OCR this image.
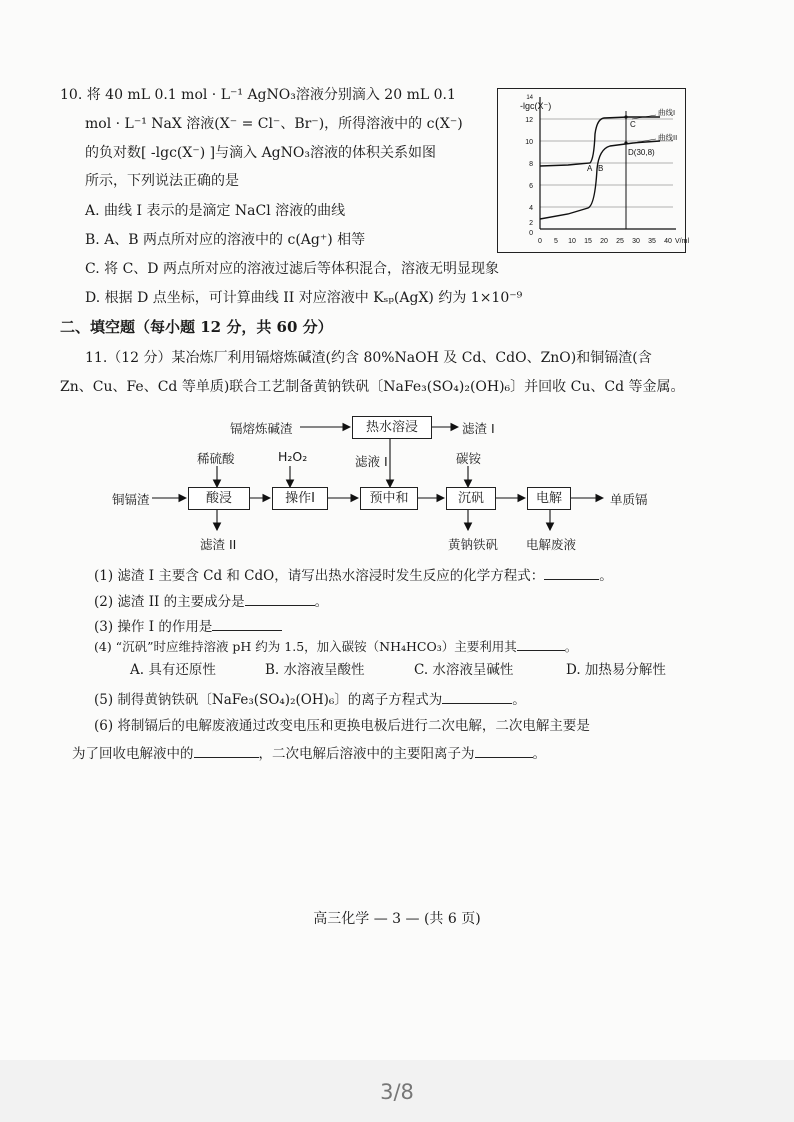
10. 将 40 mL 0.1 mol · L⁻¹ AgNO₃溶液分别滴入 20 mL 0.1
mol · L⁻¹ NaX 溶液(X⁻ = Cl⁻、Br⁻)，所得溶液中的 c(X⁻)
的负对数[ -lgc(X⁻) ]与滴入 AgNO₃溶液的体积关系如图
所示，下列说法正确的是
A. 曲线 I 表示的是滴定 NaCl 溶液的曲线
B. A、B 两点所对应的溶液中的 c(Ag⁺) 相等
C. 将 C、D 两点所对应的溶液过滤后等体积混合，溶液无明显现象
D. 根据 D 点坐标，可计算曲线 II 对应溶液中 Kₛₚ(AgX) 约为 1×10⁻⁹
14
-lgc(X⁻)
12
10
8
6
4
2
0
0 5 10 15 20 25 30 35 40 V/ml
曲线I
曲线II
C
D(30,8)
A B
二、填空题（每小题 12 分，共 60 分）
11.（12 分）某冶炼厂利用镉熔炼碱渣(约含 80%NaOH 及 Cd、CdO、ZnO)和铜镉渣(含
Zn、Cu、Fe、Cd 等单质)联合工艺制备黄钠铁矾〔NaFe₃(SO₄)₂(OH)₆〕并回收 Cu、Cd 等金属。
镉熔炼碱渣	热水溶浸	滤渣 I
稀硫酸	H₂O₂	滤液 I	碳铵
铜镉渣	酸浸	操作I	预中和	沉矾	电解	单质镉
滤渣 II	黄钠铁矾 电解废液
(1) 滤渣 I 主要含 Cd 和 CdO，请写出热水溶浸时发生反应的化学方程式：	。
(2) 滤渣 II 的主要成分是	。
(3) 操作 I 的作用是
(4) “沉矾”时应维持溶液 pH 约为 1.5，加入碳铵（NH₄HCO₃）主要利用其	。
A. 具有还原性	B. 水溶液呈酸性	C. 水溶液呈碱性	D. 加热易分解性
(5) 制得黄钠铁矾〔NaFe₃(SO₄)₂(OH)₆〕的离子方程式为	。
(6) 将制镉后的电解废液通过改变电压和更换电极后进行二次电解，二次电解主要是
为了回收电解液中的	，二次电解后溶液中的主要阳离子为	。
高三化学 — 3 — (共 6 页)
3/8
